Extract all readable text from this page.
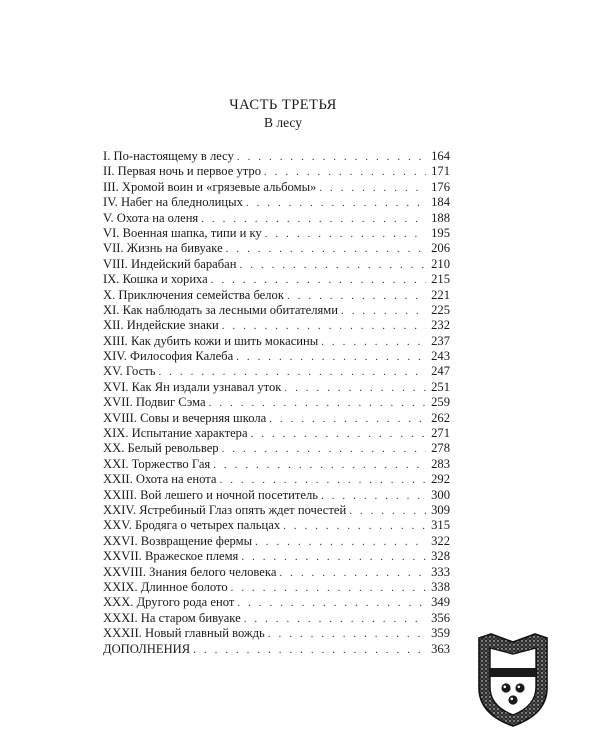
ЧАСТЬ ТРЕТЬЯ
В лесу
I. По-настоящему в лесу . . .	164
II. Первая ночь и первое утро . . .	171
III. Хромой воин и «грязевые альбомы» . . .	176
IV. Набег на бледнолицых . . .	184
V. Охота на оленя . . .	188
VI. Военная шапка, типи и ку . . .	195
VII. Жизнь на бивуаке . . .	206
VIII. Индейский барабан . . .	210
IX. Кошка и хориха . . .	215
X. Приключения семейства белок . . .	221
XI. Как наблюдать за лесными обитателями . . .	225
XII. Индейские знаки . . .	232
XIII. Как дубить кожи и шить мокасины . . .	237
XIV. Философия Калеба . . .	243
XV. Гость . . .	247
XVI. Как Ян издали узнавал уток . . .	251
XVII. Подвиг Сэма . . .	259
XVIII. Совы и вечерняя школа . . .	262
XIX. Испытание характера . . .	271
XX. Белый револьвер . . .	278
XXI. Торжество Гая . . .	283
XXII. Охота на енота . . .	292
XXIII. Вой лешего и ночной посетитель . . .	300
XXIV. Ястребиный Глаз опять ждет почестей . . .	309
XXV. Бродяга о четырех пальцах . . .	315
XXVI. Возвращение фермы . . .	322
XXVII. Вражеское племя . . .	328
XXVIII. Знания белого человека . . .	333
XXIX. Длинное болото . . .	338
XXX. Другого рода енот . . .	349
XXXI. На старом бивуаке . . .	356
XXXII. Новый главный вождь . . .	359
ДОПОЛНЕНИЯ . . .	363
